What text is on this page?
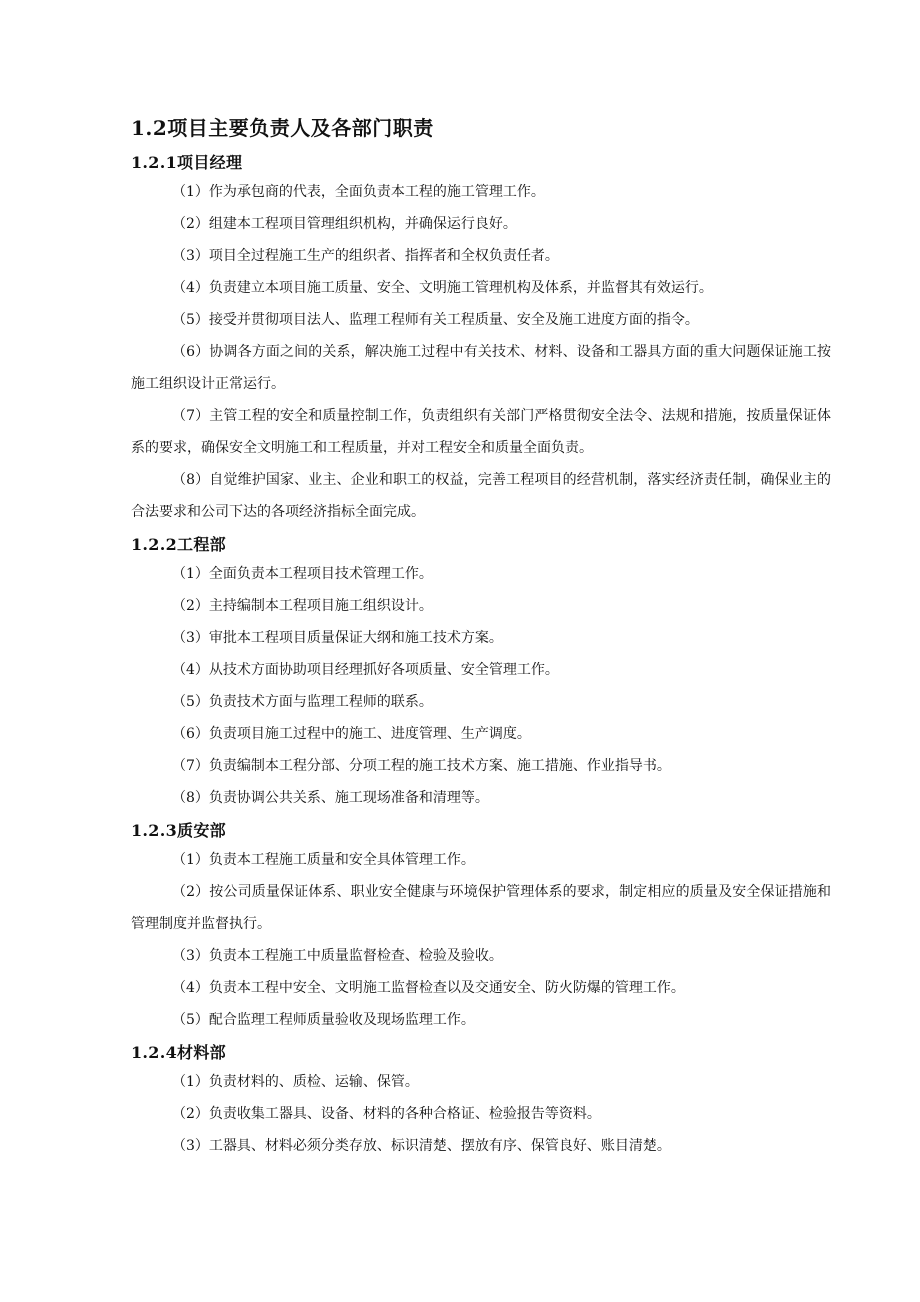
1.2项目主要负责人及各部门职责
1.2.1项目经理

（1）作为承包商的代表，全面负责本工程的施工管理工作。

（2）组建本工程项目管理组织机构，并确保运行良好。

（3）项目全过程施工生产的组织者、指挥者和全权负责任者。

（4）负责建立本项目施工质量、安全、文明施工管理机构及体系，并监督其有效运行。

（5）接受并贯彻项目法人、监理工程师有关工程质量、安全及施工进度方面的指令。

（6）协调各方面之间的关系，解决施工过程中有关技术、材料、设备和工器具方面的重大问题保证施工按施工组织设计正常运行。

（7）主管工程的安全和质量控制工作，负责组织有关部门严格贯彻安全法令、法规和措施，按质量保证体系的要求，确保安全文明施工和工程质量，并对工程安全和质量全面负责。

（8）自觉维护国家、业主、企业和职工的权益，完善工程项目的经营机制，落实经济责任制，确保业主的合法要求和公司下达的各项经济指标全面完成。

1.2.2工程部

（1）全面负责本工程项目技术管理工作。

（2）主持编制本工程项目施工组织设计。

（3）审批本工程项目质量保证大纲和施工技术方案。

（4）从技术方面协助项目经理抓好各项质量、安全管理工作。

（5）负责技术方面与监理工程师的联系。

（6）负责项目施工过程中的施工、进度管理、生产调度。

（7）负责编制本工程分部、分项工程的施工技术方案、施工措施、作业指导书。

（8）负责协调公共关系、施工现场准备和清理等。

1.2.3质安部

（1）负责本工程施工质量和安全具体管理工作。

（2）按公司质量保证体系、职业安全健康与环境保护管理体系的要求，制定相应的质量及安全保证措施和管理制度并监督执行。

（3）负责本工程施工中质量监督检查、检验及验收。

（4）负责本工程中安全、文明施工监督检查以及交通安全、防火防爆的管理工作。

（5）配合监理工程师质量验收及现场监理工作。

1.2.4材料部

（1）负责材料的、质检、运输、保管。

（2）负责收集工器具、设备、材料的各种合格证、检验报告等资料。

（3）工器具、材料必须分类存放、标识清楚、摆放有序、保管良好、账目清楚。
